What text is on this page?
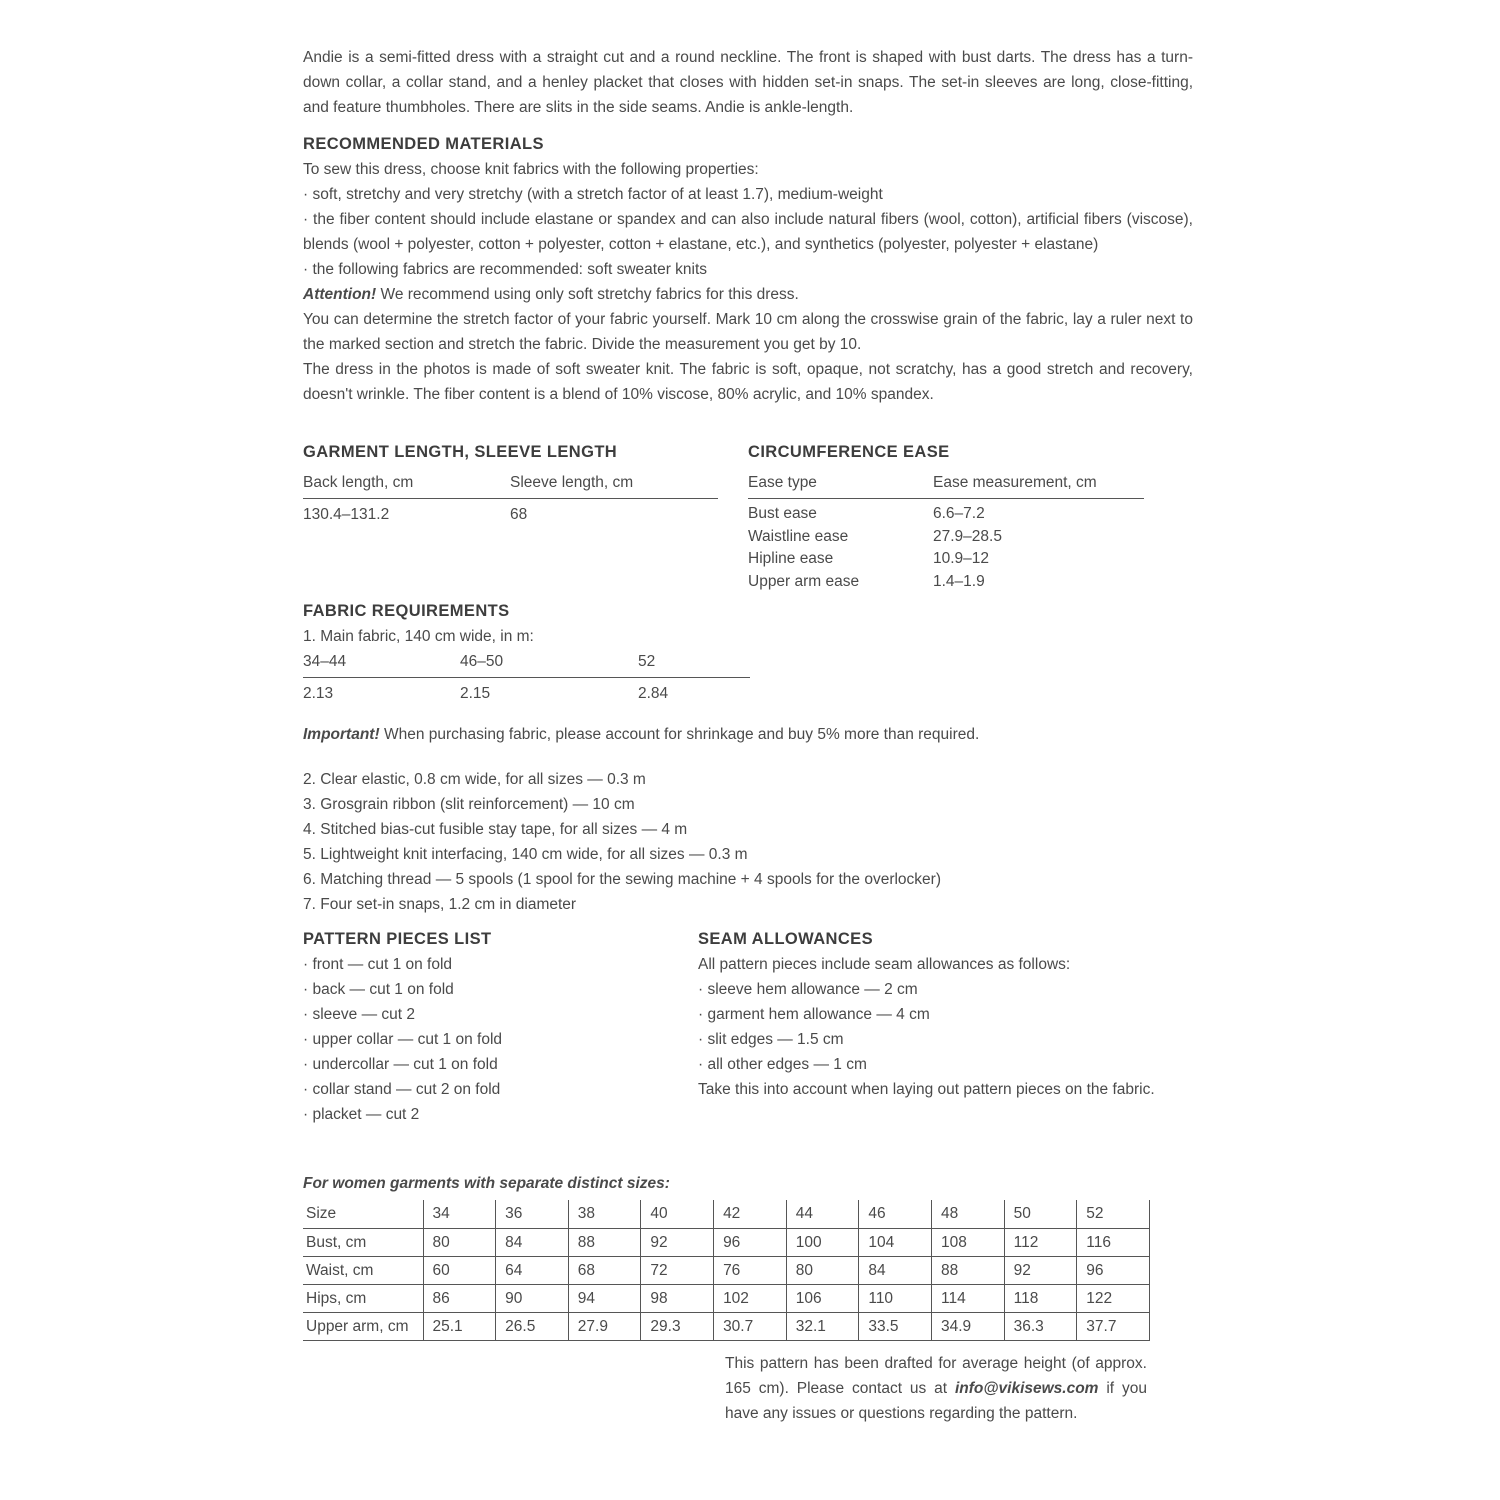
Andie is a semi-fitted dress with a straight cut and a round neckline. The front is shaped with bust darts. The dress has a turn-down collar, a collar stand, and a henley placket that closes with hidden set-in snaps. The set-in sleeves are long, close-fitting, and feature thumbholes. There are slits in the side seams. Andie is ankle-length.

RECOMMENDED MATERIALS

To sew this dress, choose knit fabrics with the following properties:

· soft, stretchy and very stretchy (with a stretch factor of at least 1.7), medium-weight

· the fiber content should include elastane or spandex and can also include natural fibers (wool, cotton), artificial fibers (viscose), blends (wool + polyester, cotton + polyester, cotton + elastane, etc.), and synthetics (polyester, polyester + elastane)

· the following fabrics are recommended: soft sweater knits

Attention! We recommend using only soft stretchy fabrics for this dress.

You can determine the stretch factor of your fabric yourself. Mark 10 cm along the crosswise grain of the fabric, lay a ruler next to the marked section and stretch the fabric. Divide the measurement you get by 10.

The dress in the photos is made of soft sweater knit. The fabric is soft, opaque, not scratchy, has a good stretch and recovery, doesn't wrinkle. The fiber content is a blend of 10% viscose, 80% acrylic, and 10% spandex.

GARMENT LENGTH, SLEEVE LENGTH
Back length, cm	Sleeve length, cm
130.4–131.2	68
CIRCUMFERENCE EASE
Ease type	Ease measurement, cm
Bust ease	6.6–7.2
Waistline ease	27.9–28.5
Hipline ease	10.9–12
Upper arm ease	1.4–1.9
FABRIC REQUIREMENTS

1. Main fabric, 140 cm wide, in m:

34–44	46–50	52
2.13	2.15	2.84

Important! When purchasing fabric, please account for shrinkage and buy 5% more than required.

2. Clear elastic, 0.8 cm wide, for all sizes — 0.3 m

3. Grosgrain ribbon (slit reinforcement) — 10 cm

4. Stitched bias-cut fusible stay tape, for all sizes — 4 m

5. Lightweight knit interfacing, 140 cm wide, for all sizes — 0.3 m

6. Matching thread — 5 spools (1 spool for the sewing machine + 4 spools for the overlocker)

7. Four set-in snaps, 1.2 cm in diameter

PATTERN PIECES LIST

· front — cut 1 on fold

· back — cut 1 on fold

· sleeve — cut 2

· upper collar — cut 1 on fold

· undercollar — cut 1 on fold

· collar stand — cut 2 on fold

· placket — cut 2

SEAM ALLOWANCES

All pattern pieces include seam allowances as follows:

· sleeve hem allowance — 2 cm

· garment hem allowance — 4 cm

· slit edges — 1.5 cm

· all other edges — 1 cm

Take this into account when laying out pattern pieces on the fabric.

For women garments with separate distinct sizes:

Size	34	36	38	40	42	44	46	48	50	52
Bust, cm	80	84	88	92	96	100	104	108	112	116
Waist, cm	60	64	68	72	76	80	84	88	92	96
Hips, cm	86	90	94	98	102	106	110	114	118	122
Upper arm, cm	25.1	26.5	27.9	29.3	30.7	32.1	33.5	34.9	36.3	37.7

This pattern has been drafted for average height (of approx. 165 cm). Please contact us at info@vikisews.com if you have any issues or questions regarding the pattern.
